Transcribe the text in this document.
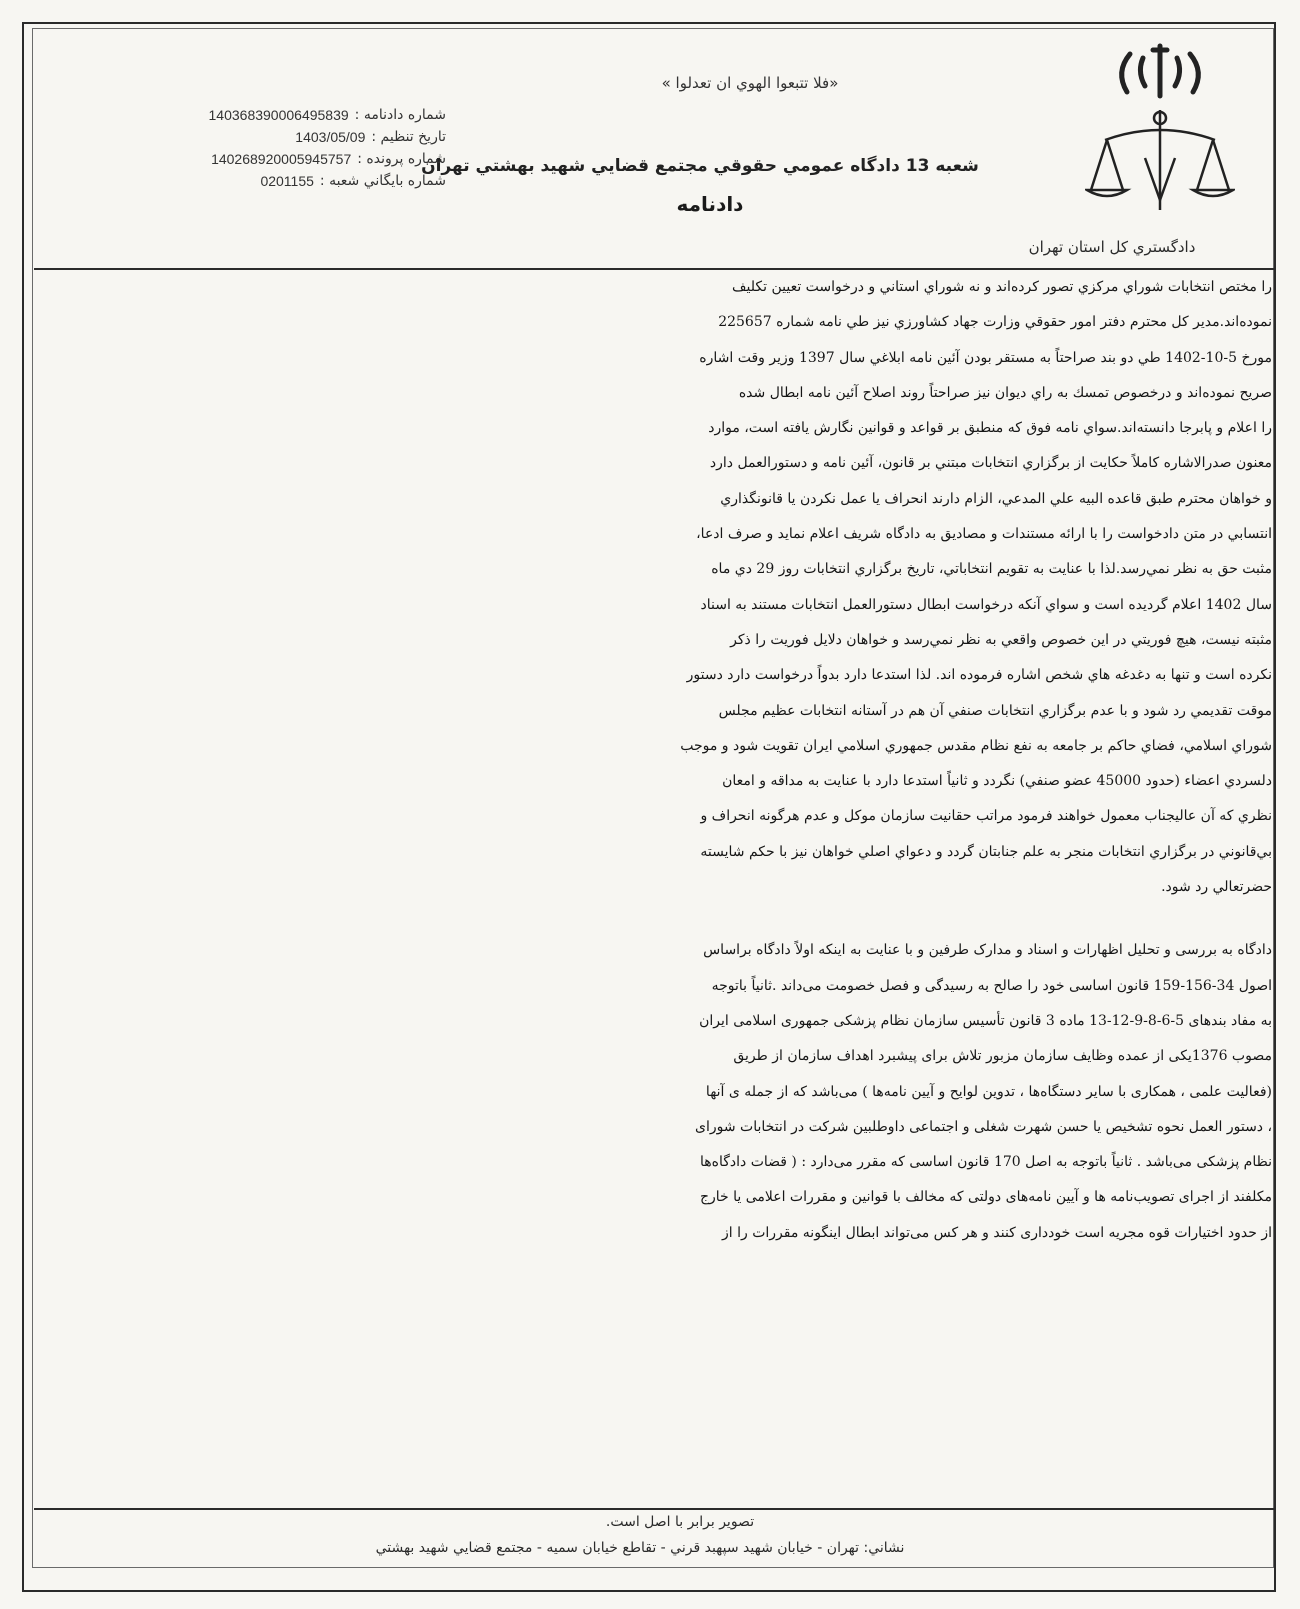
دادگستري كل استان تهران
«فلا تتبعوا الهوي ان تعدلوا »
شعبه 13 دادگاه عمومي حقوقي مجتمع قضايي شهيد بهشتي تهران
دادنامه
شماره دادنامه :
140368390006495839
تاريخ تنظيم :
1403/05/09
شماره پرونده :
140268920005945757
شماره بايگاني شعبه :
0201155
را مختص انتخابات شوراي مركزي تصور كرده‌اند و نه شوراي استاني و درخواست تعيين تكليف
نموده‌اند.مدير كل محترم دفتر امور حقوقي وزارت جهاد كشاورزي نيز طي نامه شماره 225657
مورخ 5-10-1402 طي دو بند صراحتاً به مستقر بودن آئين نامه ابلاغي سال 1397 وزير وقت اشاره
صريح نموده‌اند و درخصوص تمسك به راي ديوان نيز صراحتاً روند اصلاح آئين نامه ابطال شده
را اعلام و پابرجا دانسته‌اند.سواي نامه فوق كه منطبق بر قواعد و قوانين نگارش يافته است، موارد
معنون صدرالاشاره كاملاً حكايت از برگزاري انتخابات مبتني بر قانون، آئين نامه و دستورالعمل دارد
و خواهان محترم طبق قاعده البيه علي المدعي، الزام دارند انحراف يا عمل نكردن يا قانونگذاري
انتسابي در متن دادخواست را با ارائه مستندات و مصاديق به دادگاه شريف اعلام نمايد و صرف ادعا،
مثبت حق به نظر نمي‌رسد.لذا با عنايت به تقويم انتخاباتي، تاريخ برگزاري انتخابات روز 29 دي ماه
سال 1402 اعلام گرديده است و سواي آنكه درخواست ابطال دستورالعمل انتخابات مستند به اسناد
مثبته نيست، هيچ فوريتي در اين خصوص واقعي به نظر نمي‌رسد و خواهان دلايل فوريت را ذكر
نكرده است و تنها به دغدغه هاي شخص اشاره فرموده اند. لذا استدعا دارد بدواً درخواست دارد دستور
موقت تقديمي رد شود و با عدم برگزاري انتخابات صنفي آن هم در آستانه انتخابات عظيم مجلس
شوراي اسلامي، فضاي حاكم بر جامعه به نفع نظام مقدس جمهوري اسلامي ايران تقويت شود و موجب
دلسردي اعضاء (حدود 45000 عضو صنفي) نگردد و ثانياً استدعا دارد با عنايت به مداقه و امعان
نظري كه آن عاليجناب معمول خواهند فرمود مراتب حقانيت سازمان موكل و عدم هرگونه انحراف و
بي‌قانوني در برگزاري انتخابات منجر به علم جنابتان گردد و دعواي اصلي خواهان نيز با حكم شايسته
حضرتعالي رد شود.
دادگاه به بررسی و تحلیل اظهارات و اسناد و مدارک طرفین و با عنایت به اینکه اولاً دادگاه براساس
اصول 34-156-159 قانون اساسی خود را صالح به رسیدگی و فصل خصومت می‌داند .ثانیاً باتوجه
به مفاد بندهای 5-6-8-9-12-13 ماده 3 قانون تأسیس سازمان نظام پزشکی جمهوری اسلامی ایران
مصوب 1376یکی از عمده وظایف سازمان مزبور تلاش برای پیشبرد اهداف سازمان از طریق
(فعالیت علمی ، همکاری با سایر دستگاه‌ها ، تدوین لوایح و آیین نامه‌ها ) می‌باشد که از جمله ی آنها
، دستور العمل نحوه تشخیص یا حسن شهرت شغلی و اجتماعی داوطلبین شرکت در انتخابات شورای
نظام پزشکی می‌باشد . ثانیاً باتوجه به اصل 170 قانون اساسی که مقرر می‌دارد : ( قضات دادگاه‌ها
مکلفند از اجرای تصویب‌نامه ها و آیین نامه‌های دولتی که مخالف با قوانین و مقررات اعلامی یا خارج
از حدود اختیارات قوه مجریه است خودداری کنند و هر کس می‌تواند ابطال اینگونه مقررات را از
تصوير برابر با اصل است.
نشاني: تهران - خيابان شهيد سپهبد قرني - تقاطع خيابان سميه - مجتمع قضايي شهيد بهشتي
